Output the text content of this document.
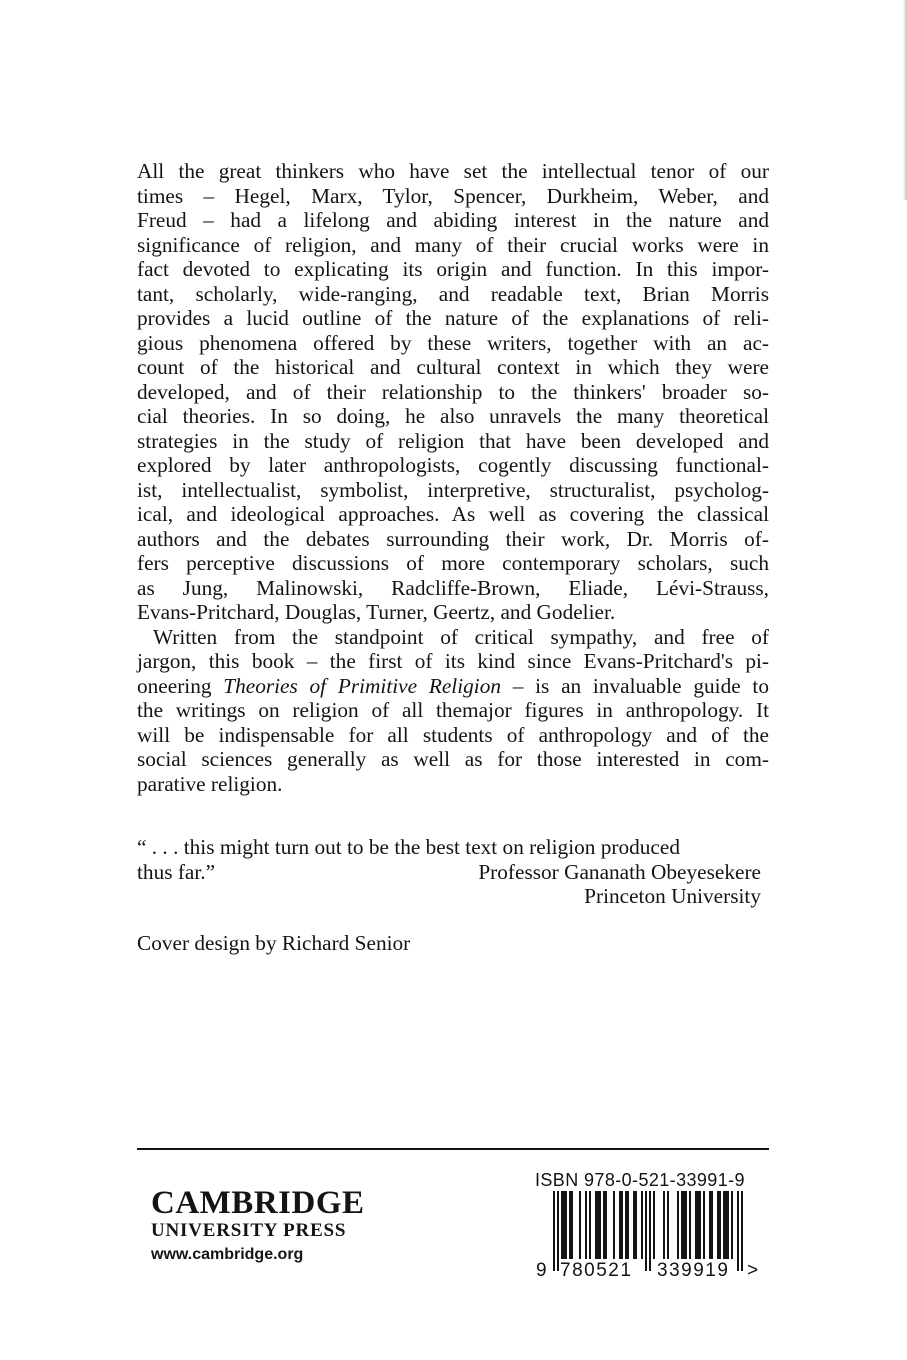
All the great thinkers who have set the intellectual tenor of our
times – Hegel, Marx, Tylor, Spencer, Durkheim, Weber, and
Freud – had a lifelong and abiding interest in the nature and
significance of religion, and many of their crucial works were in
fact devoted to explicating its origin and function. In this impor-
tant, scholarly, wide-ranging, and readable text, Brian Morris
provides a lucid outline of the nature of the explanations of reli-
gious phenomena offered by these writers, together with an ac-
count of the historical and cultural context in which they were
developed, and of their relationship to the thinkers' broader so-
cial theories. In so doing, he also unravels the many theoretical
strategies in the study of religion that have been developed and
explored by later anthropologists, cogently discussing functional-
ist, intellectualist, symbolist, interpretive, structuralist, psycholog-
ical, and ideological approaches. As well as covering the classical
authors and the debates surrounding their work, Dr. Morris of-
fers perceptive discussions of more contemporary scholars, such
as Jung, Malinowski, Radcliffe-Brown, Eliade, Lévi-Strauss,
Evans-Pritchard, Douglas, Turner, Geertz, and Godelier.
Written from the standpoint of critical sympathy, and free of
jargon, this book – the first of its kind since Evans-Pritchard's pi-
oneering Theories of Primitive Religion – is an invaluable guide to
the writings on religion of all themajor figures in anthropology. It
will be indispensable for all students of anthropology and of the
social sciences generally as well as for those interested in com-
parative religion.
“ . . . this might turn out to be the best text on religion produced
thus far.”	Professor Gananath Obeyesekere
Princeton University
Cover design by Richard Senior
CAMBRIDGE
UNIVERSITY PRESS
www.cambridge.org
ISBN 978-0-521-33991-9
9 780521 339919 >
